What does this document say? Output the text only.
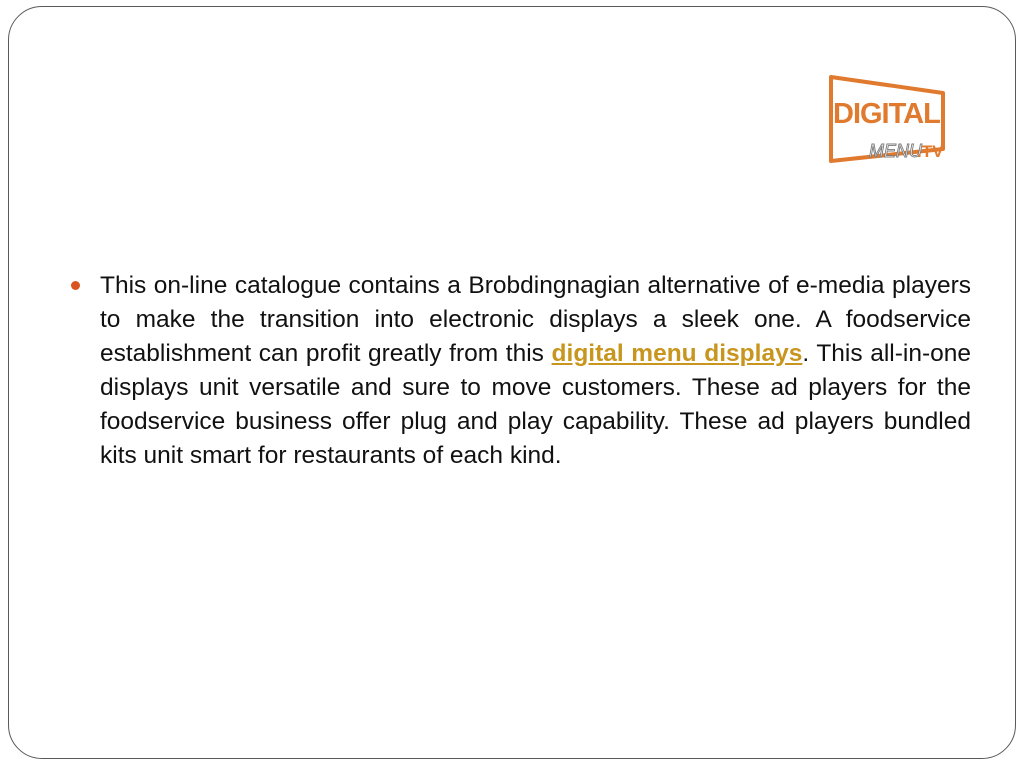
DIGITAL
MENU
.TV

This on-line catalogue contains a Brobdingnagian alternative of e-media players to make the transition into electronic displays a sleek one. A foodservice establishment can profit greatly from this digital menu displays. This all-in-one displays unit versatile and sure to move customers. These ad players for the foodservice business offer plug and play capability. These ad players bundled kits unit smart for restaurants of each kind.
